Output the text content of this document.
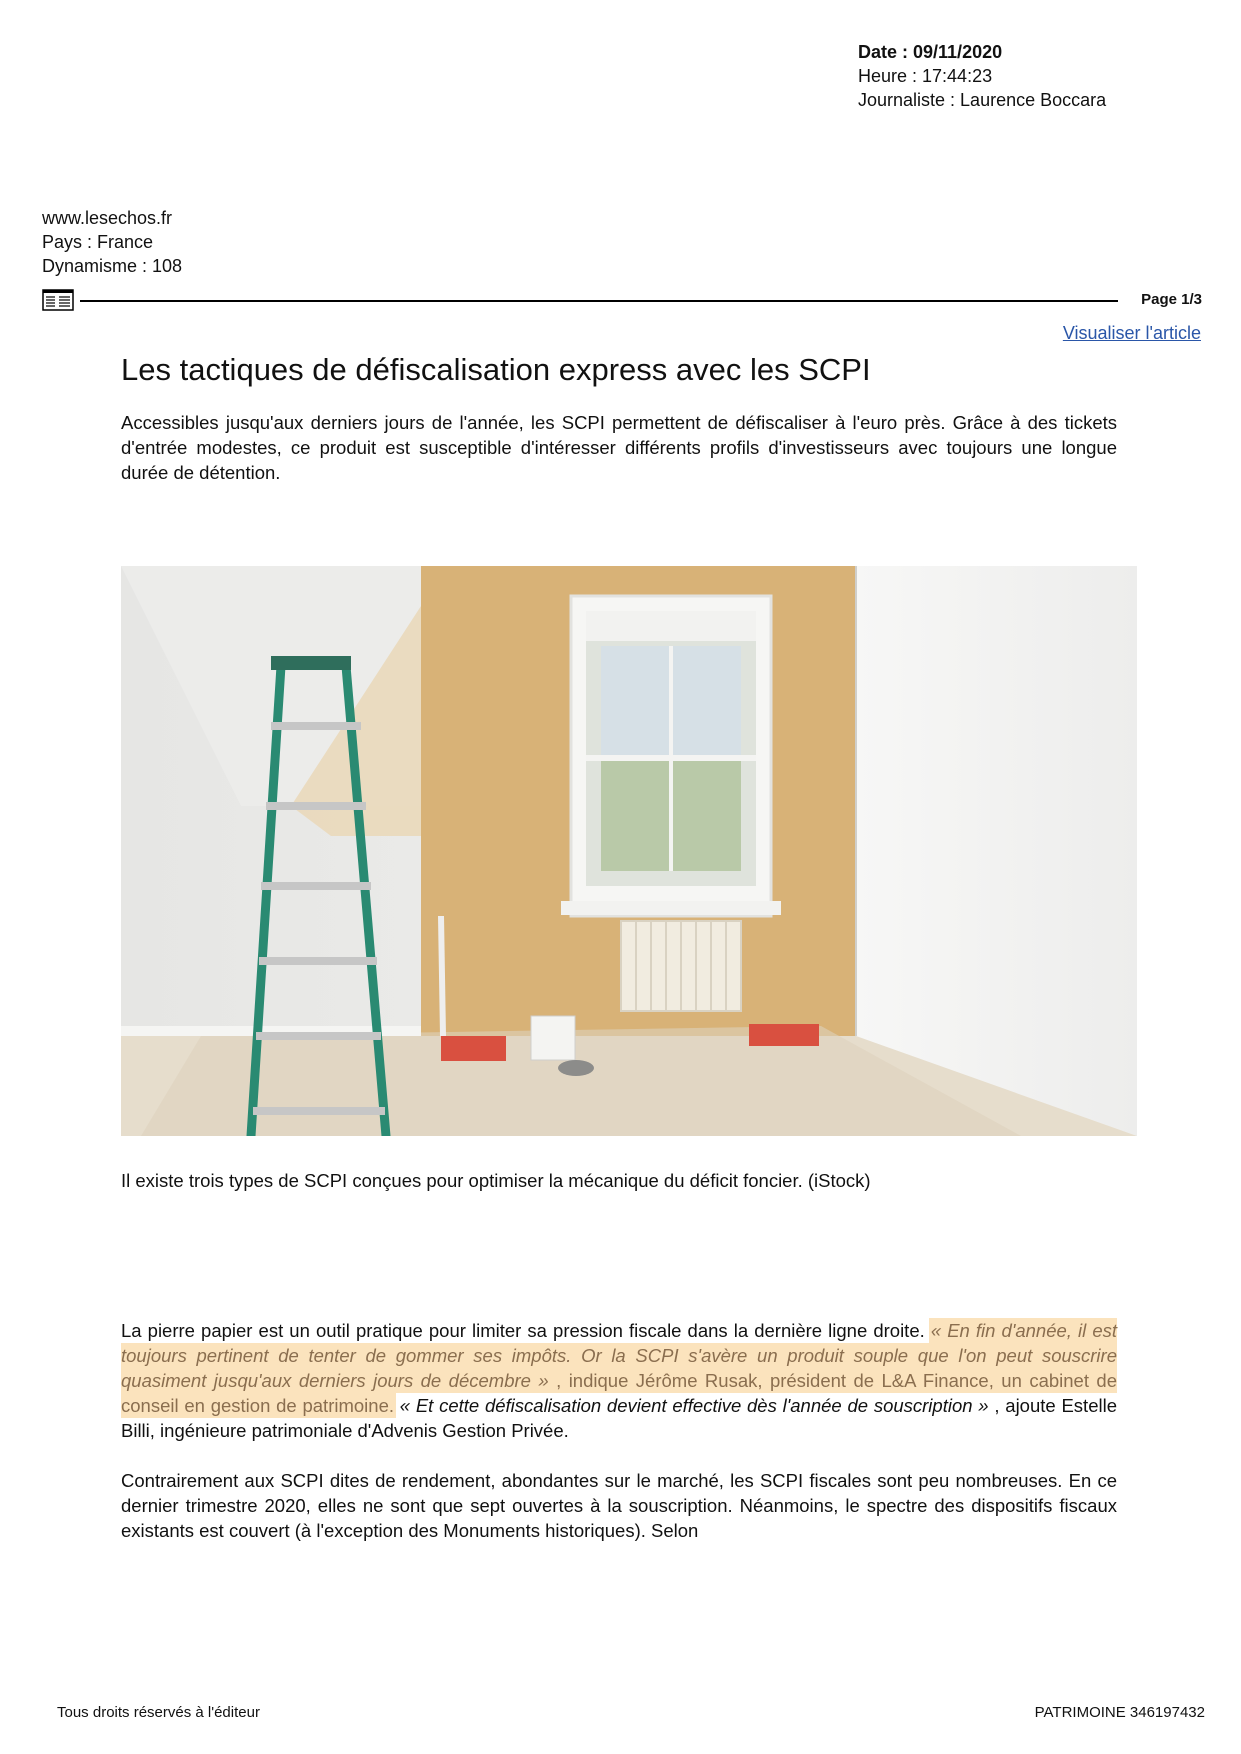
Date : 09/11/2020
Heure : 17:44:23
Journaliste : Laurence Boccara
www.lesechos.fr
Pays : France
Dynamisme : 108
Page 1/3
Visualiser l'article
Les tactiques de défiscalisation express avec les SCPI

Accessibles jusqu'aux derniers jours de l'année, les SCPI permettent de défiscaliser à l'euro près. Grâce à des tickets d'entrée modestes, ce produit est susceptible d'intéresser différents profils d'investisseurs avec toujours une longue durée de détention.

Il existe trois types de SCPI conçues pour optimiser la mécanique du déficit foncier. (iStock)

La pierre papier est un outil pratique pour limiter sa pression fiscale dans la dernière ligne droite. « En fin d'année, il est toujours pertinent de tenter de gommer ses impôts. Or la SCPI s'avère un produit souple que l'on peut souscrire quasiment jusqu'aux derniers jours de décembre » , indique Jérôme Rusak, président de L&A Finance, un cabinet de conseil en gestion de patrimoine. « Et cette défiscalisation devient effective dès l'année de souscription » , ajoute Estelle Billi, ingénieure patrimoniale d'Advenis Gestion Privée.

Contrairement aux SCPI dites de rendement, abondantes sur le marché, les SCPI fiscales sont peu nombreuses. En ce dernier trimestre 2020, elles ne sont que sept ouvertes à la souscription. Néanmoins, le spectre des dispositifs fiscaux existants est couvert (à l'exception des Monuments historiques). Selon

Tous droits réservés à l'éditeur	PATRIMOINE 346197432
